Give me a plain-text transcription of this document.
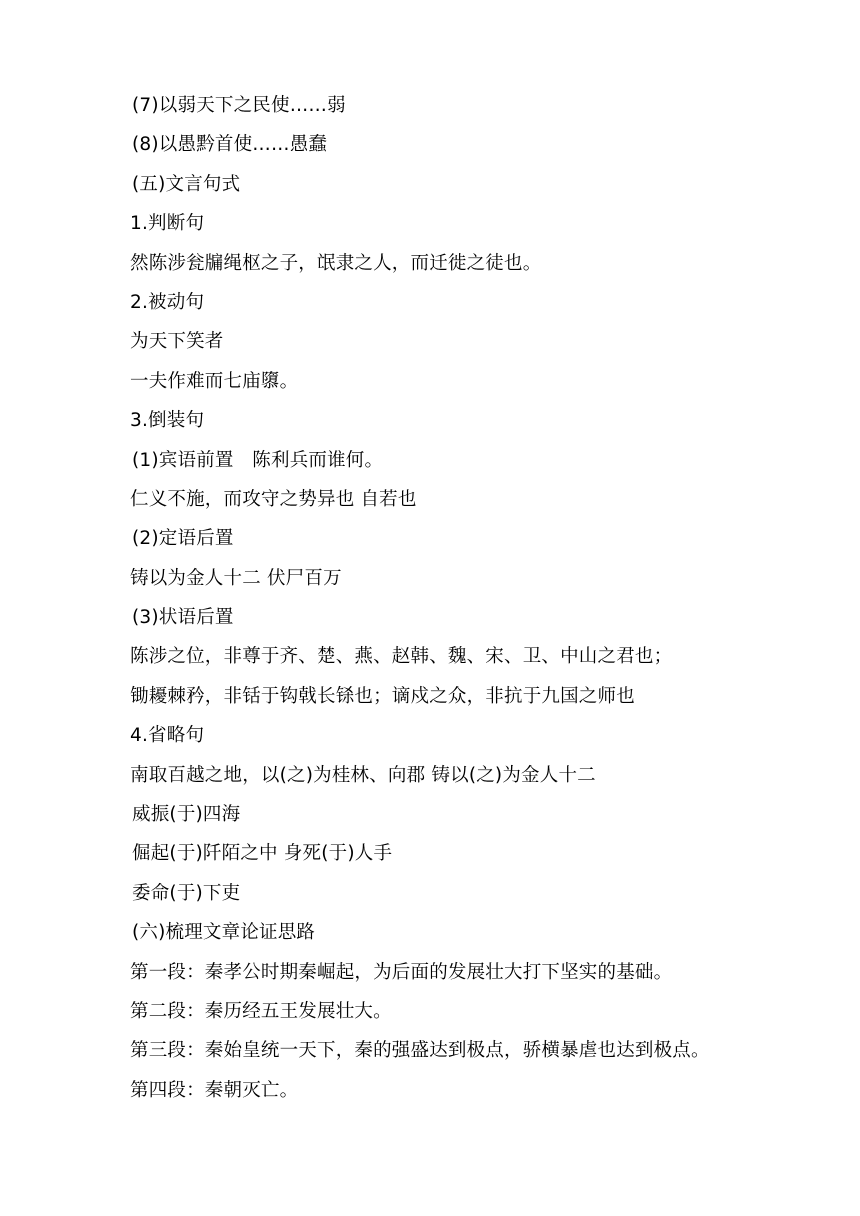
(7)以弱天下之民使……弱
(8)以愚黔首使……愚蠢
(五)文言句式
1.判断句
然陈涉瓮牖绳枢之子，氓隶之人，而迁徙之徒也。
2.被动句
为天下笑者
一夫作难而七庙隳。
3.倒装句
(1)宾语前置　陈利兵而谁何。
仁义不施，而攻守之势异也 自若也
(2)定语后置
铸以为金人十二 伏尸百万
(3)状语后置
陈涉之位，非尊于齐、楚、燕、赵韩、魏、宋、卫、中山之君也；
锄耰棘矜，非铦于钩戟长铩也；谪戍之众，非抗于九国之师也
4.省略句
南取百越之地，以(之)为桂林、向郡 铸以(之)为金人十二
威振(于)四海
倔起(于)阡陌之中 身死(于)人手
委命(于)下吏
(六)梳理文章论证思路
第一段：秦孝公时期秦崛起，为后面的发展壮大打下坚实的基础。
第二段：秦历经五王发展壮大。
第三段：秦始皇统一天下，秦的强盛达到极点，骄横暴虐也达到极点。
第四段：秦朝灭亡。
